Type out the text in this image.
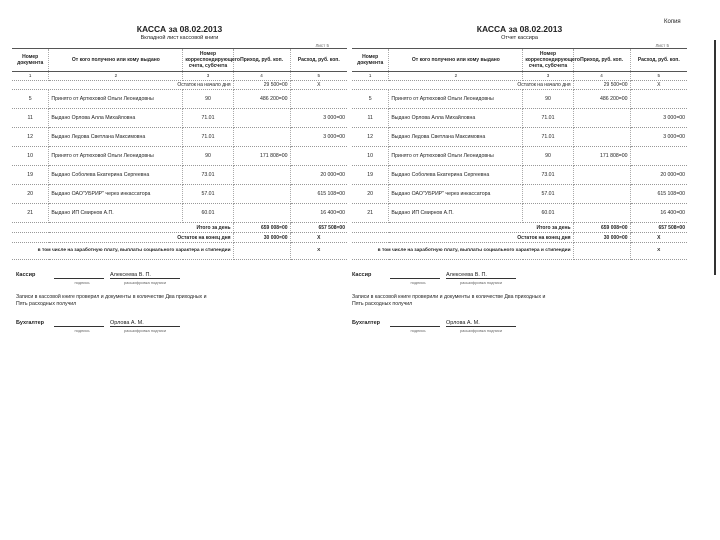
Копия
КАССА за 08.02.2013
Вкладной лист кассовой книги
Лист 5
Номер документа	От кого получено или кому выдано	Номер корреспондирующего счета, субсчета	Приход, руб. коп.	Расход, руб. коп.
1	2	3	4	5
Остаток на начало дня			29 500=00	X
5	Принято от Артюховой Ольги Леонидовны	90	486 200=00	
11	Выдано Орлова Алла Михайловна	71.01		3 000=00
12	Выдано Ледова Светлана Максимовна	71.01		3 000=00
10	Принято от Артюховой Ольги Леонидовны	90	171 808=00	
19	Выдано Соболева Екатерина Сергеевна	73.01		20 000=00
20	Выдано ОАО"УБРИР" через инкассатора	57.01		615 108=00
21	Выдано ИП Смирнов А.П.	60.01		16 400=00
Итого за день			659 008=00	657 508=00
Остаток на конец дня			30 000=00	X
в том числе на заработную плату, выплаты социального характера и стипендии				X
КАССА за 08.02.2013
Отчет кассира
Лист 5
Номер документа	От кого получено или кому выдано	Номер корреспондирующего счета, субсчета	Приход, руб. коп.	Расход, руб. коп.
1	2	3	4	5
Остаток на начало дня			29 500=00	X
5	Принято от Артюховой Ольги Леонидовны	90	486 200=00	
11	Выдано Орлова Алла Михайловна	71.01		3 000=00
12	Выдано Ледова Светлана Максимовна	71.01		3 000=00
10	Принято от Артюховой Ольги Леонидовны	90	171 808=00	
19	Выдано Соболева Екатерина Сергеевна	73.01		20 000=00
20	Выдано ОАО"УБРИР" через инкассатора	57.01		615 108=00
21	Выдано ИП Смирнов А.П.	60.01		16 400=00
Итого за день			659 008=00	657 508=00
Остаток на конец дня			30 000=00	X
в том числе на заработную плату, выплаты социального характера и стипендии				X
Кассир	Алексеева В. П.
подпись	расшифровка подписи
Записи в кассовой книге проверил и документы в количестве Два приходных и Пять расходных получил
Бухгалтер	Орлова А. М.
подпись	расшифровка подписи
Кассир	Алексеева В. П.
подпись	расшифровка подписи
Записи в кассовой книге проверили и документы в количестве Два приходных и Пять расходных получил
Бухгалтер	Орлова А. М.
подпись	расшифровка подписи
